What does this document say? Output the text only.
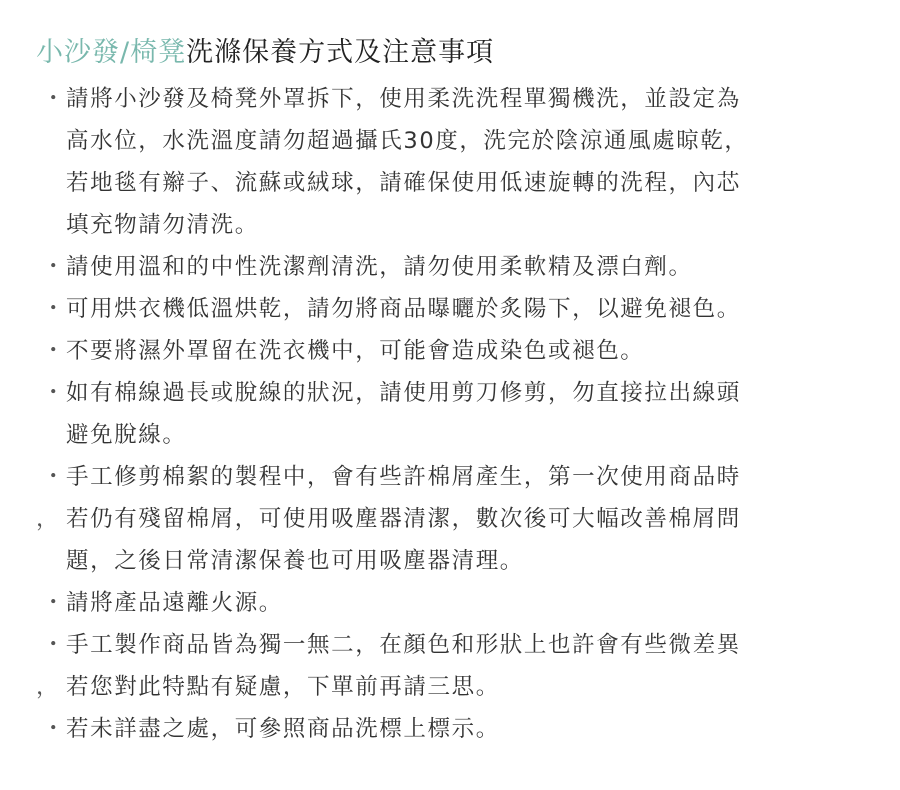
小沙發/椅凳洗滌保養方式及注意事項
・ 請將小沙發及椅凳外罩拆下，使用柔洗洗程單獨機洗，並設定為
高水位，水洗溫度請勿超過攝氏30度，洗完於陰涼通風處晾乾，
若地毯有辮子、流蘇或絨球，請確保使用低速旋轉的洗程，內芯
填充物請勿清洗。
・ 請使用溫和的中性洗潔劑清洗，請勿使用柔軟精及漂白劑。
・ 可用烘衣機低溫烘乾，請勿將商品曝曬於炙陽下，以避免褪色。
・ 不要將濕外罩留在洗衣機中，可能會造成染色或褪色。
・ 如有棉線過長或脫線的狀況，請使用剪刀修剪，勿直接拉出線頭
避免脫線。
・ 手工修剪棉絮的製程中，會有些許棉屑產生，第一次使用商品時
若仍有殘留棉屑，可使用吸塵器清潔，數次後可大幅改善棉屑問
題，之後日常清潔保養也可用吸塵器清理。
，
・ 請將產品遠離火源。
・ 手工製作商品皆為獨一無二，在顏色和形狀上也許會有些微差異
若您對此特點有疑慮，下單前再請三思。
，
・ 若未詳盡之處，可參照商品洗標上標示。
